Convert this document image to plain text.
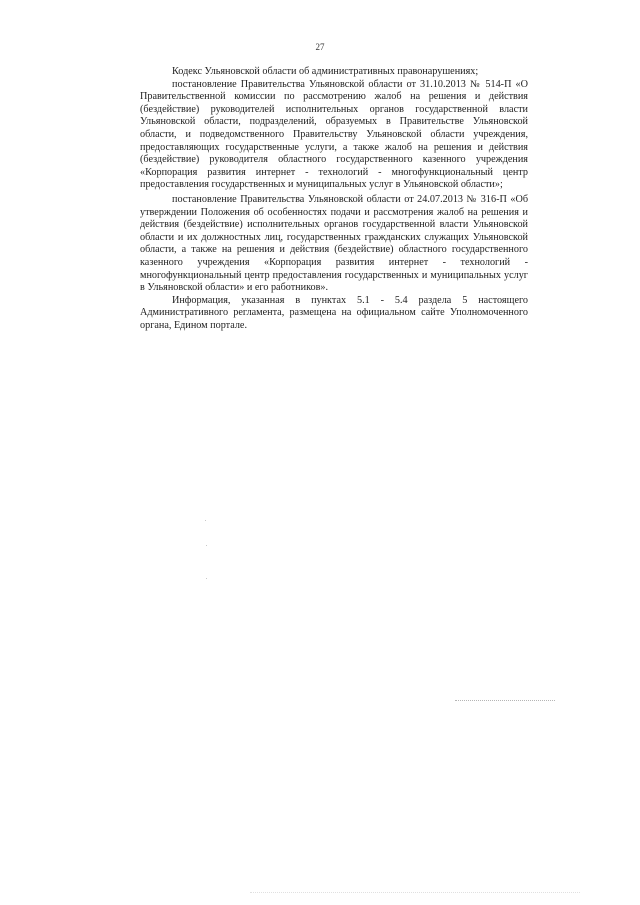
27

Кодекс Ульяновской области об административных правонарушениях;

постановление Правительства Ульяновской области от 31.10.2013 № 514-П «О Правительственной комиссии по рассмотрению жалоб на решения и действия (бездействие) руководителей исполнительных органов государственной власти Ульяновской области, подразделений, образуемых в Правительстве Ульяновской области, и подведомственного Правительству Ульяновской области учреждения, предоставляющих государственные услуги, а также жалоб на решения и действия (бездействие) руководителя областного государственного казенного учреждения «Корпорация развития интернет - технологий - многофункциональный центр предоставления государственных и муниципальных услуг в Ульяновской области»;

постановление Правительства Ульяновской области от 24.07.2013 № 316-П «Об утверждении Положения об особенностях подачи и рассмотрения жалоб на решения и действия (бездействие) исполнительных органов государственной власти Ульяновской области и их должностных лиц, государственных гражданских служащих Ульяновской области, а также на решения и действия (бездействие) областного государственного казенного учреждения «Корпорация развития интернет - технологий - многофункциональный центр предоставления государственных и муниципальных услуг в Ульяновской области» и его работников».

Информация, указанная в пунктах 5.1 - 5.4 раздела 5 настоящего Административного регламента, размещена на официальном сайте Уполномоченного органа, Едином портале.
